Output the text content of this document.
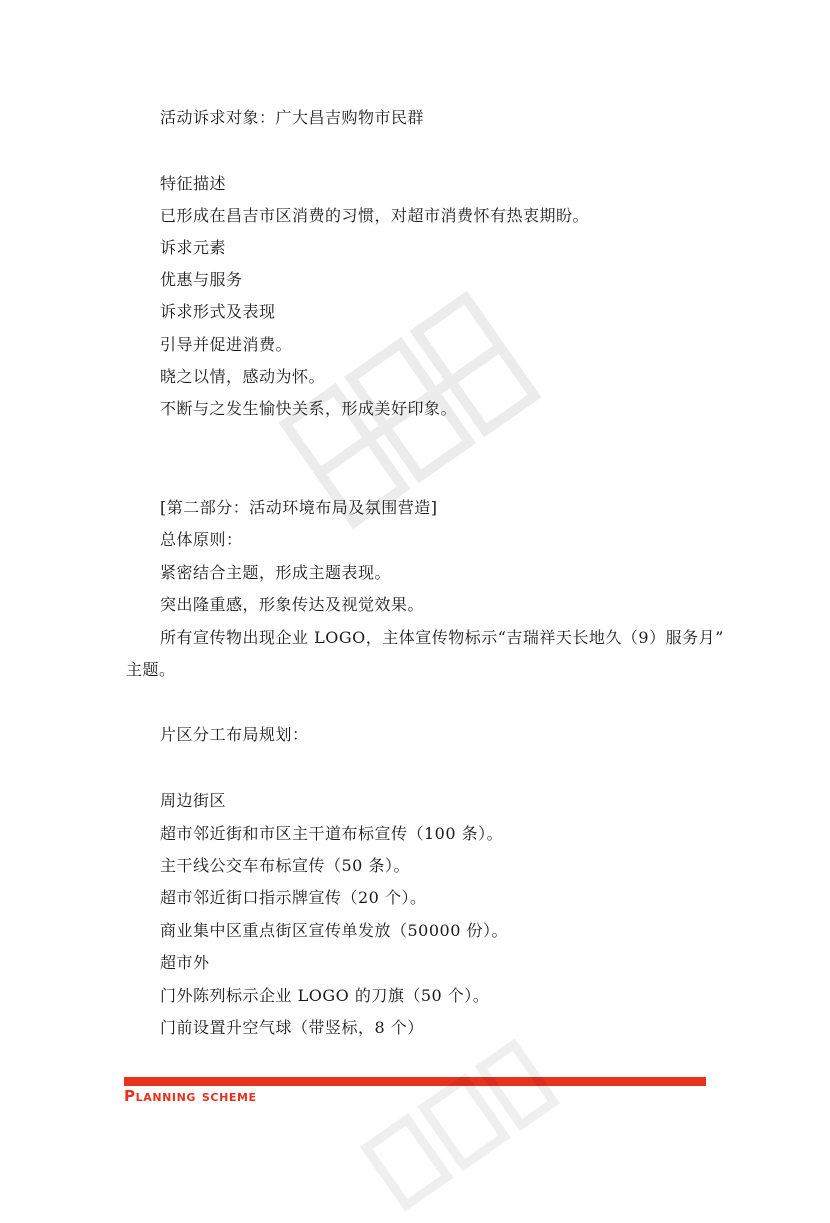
活动诉求对象：广大昌吉购物市民群
特征描述
已形成在昌吉市区消费的习惯，对超市消费怀有热衷期盼。
诉求元素
优惠与服务
诉求形式及表现
引导并促进消费。
晓之以情，感动为怀。
不断与之发生愉快关系，形成美好印象。
[第二部分：活动环境布局及氛围营造]
总体原则：
紧密结合主题，形成主题表现。
突出隆重感，形象传达及视觉效果。
所有宣传物出现企业 LOGO，主体宣传物标示“吉瑞祥天长地久（9）服务月”
主题。
片区分工布局规划：
周边街区
超市邻近街和市区主干道布标宣传（100 条）。
主干线公交车布标宣传（50 条）。
超市邻近街口指示牌宣传（20 个）。
商业集中区重点街区宣传单发放（50000 份）。
超市外
门外陈列标示企业 LOGO 的刀旗（50 个）。
门前设置升空气球（带竖标，8 个）
Planning scheme
